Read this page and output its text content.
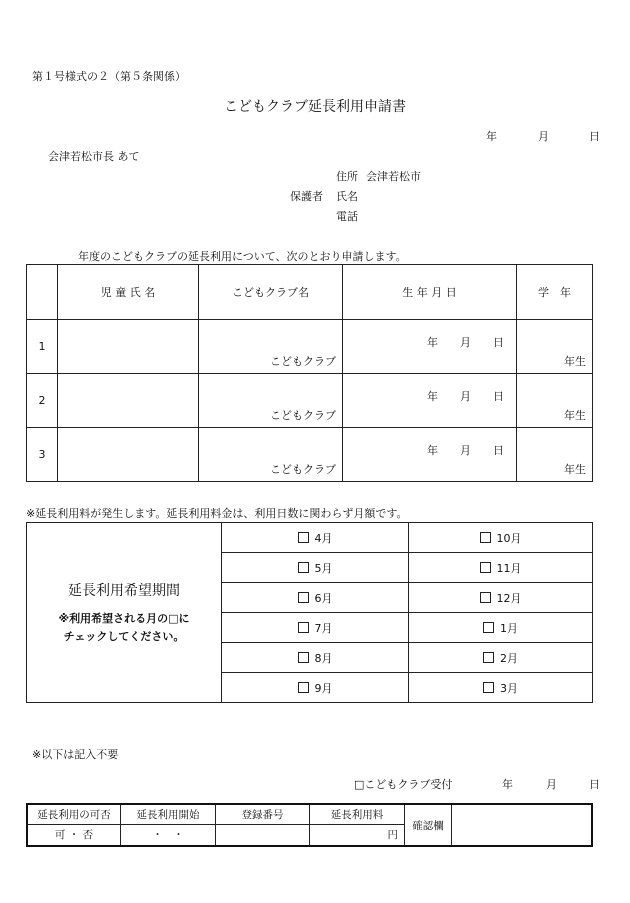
第１号様式の２（第５条関係）
こどもクラブ延長利用申請書
年	月	日
会津若松市長 あて
住所 会津若松市
保護者 氏名
電話
年度のこどもクラブの延長利用について、次のとおり申請します。
	児 童 氏 名	こどもクラブ名	生 年 月 日	学　年
1		こどもクラブ	年　　月　　日	年生

2		こどもクラブ	年　　月　　日	年生

3		こどもクラブ	年　　月　　日	年生
※延長利用料が発生します。延長利用料金は、利用日数に関わらず月額です。
延長利用希望期間
※利用希望される月の□に
チェックしてください。	4月	10月
	5月	11月
	6月	12月
	7月	1月
	8月	2月
	9月	3月
※以下は記入不要
□こどもクラブ受付	年	月	日
延長利用の可否	延長利用開始	登録番号	延長利用料	確認欄	
可 ・ 否	・　・		円		
